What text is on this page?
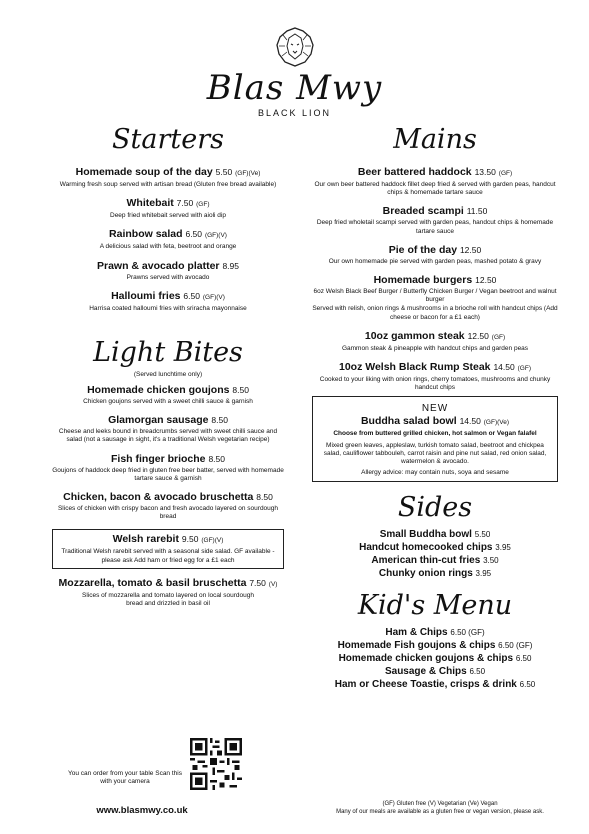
Blas Mwy
BLACK LION
Starters
Homemade soup of the day 5.50 (GF)(Ve)
Warming fresh soup served with artisan bread (Gluten free bread available)
Whitebait 7.50 (GF)
Deep fried whitebait served with aioli dip
Rainbow salad 6.50 (GF)(V)
A delicious salad with feta, beetroot and orange
Prawn & avocado platter 8.95
Prawns served with avocado
Halloumi fries 6.50 (GF)(V)
Harrisa coated halloumi fries with sriracha mayonnaise
Light Bites
(Served lunchtime only)
Homemade chicken goujons 8.50
Chicken goujons served with a sweet chilli sauce & garnish
Glamorgan sausage 8.50
Cheese and leeks bound in breadcrumbs served with sweet chilli sauce and salad (not a sausage in sight, it's a traditional Welsh vegetarian recipe)
Fish finger brioche 8.50
Goujons of haddock deep fried in gluten free beer batter, served with homemade tartare sauce & garnish
Chicken, bacon & avocado bruschetta 8.50
Slices of chicken with crispy bacon and fresh avocado layered on sourdough bread
Welsh rarebit 9.50 (GF)(V)
Traditional Welsh rarebit served with a seasonal side salad. GF available - please ask Add ham or fried egg for a £1 each
Mozzarella, tomato & basil bruschetta 7.50 (V)
Slices of mozzarella and tomato layered on local sourdough bread and drizzled in basil oil
Mains
Beer battered haddock 13.50 (GF)
Our own beer battered haddock fillet deep fried & served with garden peas, handcut chips & homemade tartare sauce
Breaded scampi 11.50
Deep fried wholetail scampi served with garden peas, handcut chips & homemade tartare sauce
Pie of the day 12.50
Our own homemade pie served with garden peas, mashed potato & gravy
Homemade burgers 12.50
6oz Welsh Black Beef Burger / Butterfly Chicken Burger / Vegan beetroot and walnut burger
Served with relish, onion rings & mushrooms in a brioche roll with handcut chips (Add cheese or bacon for a £1 each)
10oz gammon steak 12.50 (GF)
Gammon steak & pineapple with handcut chips and garden peas
10oz Welsh Black Rump Steak 14.50 (GF)
Cooked to your liking with onion rings, cherry tomatoes, mushrooms and chunky handcut chips
NEW
Buddha salad bowl 14.50 (GF)(Ve)
Choose from buttered grilled chicken, hot salmon or Vegan falafel
Mixed green leaves, appleslaw, turkish tomato salad, beetroot and chickpea salad, cauliflower tabbouleh, carrot raisin and pine nut salad, red onion salad, watermelon & avocado.
Allergy advice: may contain nuts, soya and sesame
Sides
Small Buddha bowl 5.50
Handcut homecooked chips 3.95
American thin-cut fries 3.50
Chunky onion rings 3.95
Kid's Menu
Ham & Chips 6.50 (GF)
Homemade Fish goujons & chips 6.50 (GF)
Homemade chicken goujons & chips 6.50
Sausage & Chips 6.50
Ham or Cheese Toastie, crisps & drink 6.50
You can order from your table Scan this with your camera
www.blasmwy.co.uk
(GF) Gluten free (V) Vegetarian (Ve) Vegan
Many of our meals are available as a gluten free or vegan version, please ask.
